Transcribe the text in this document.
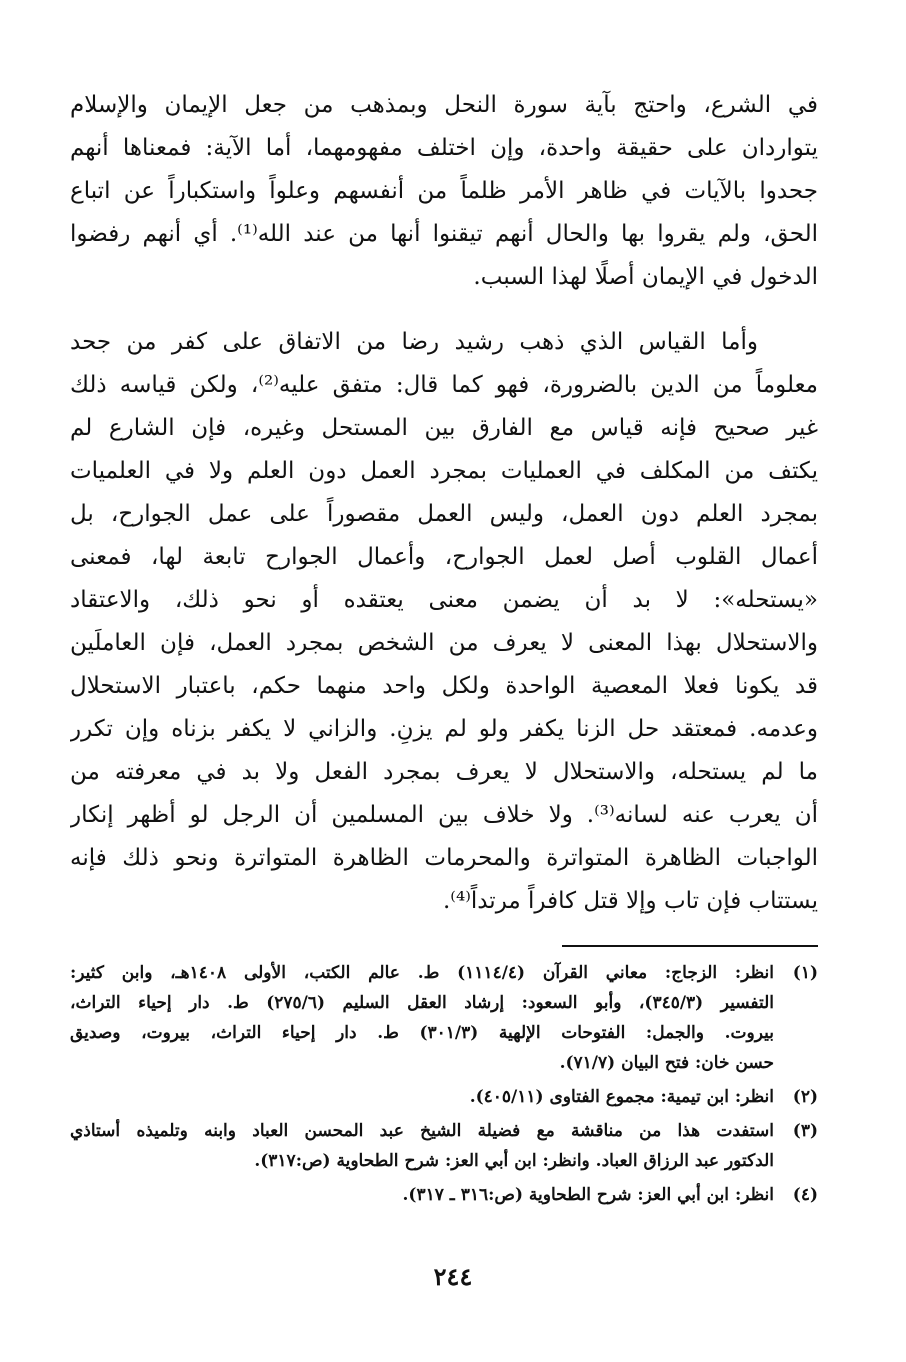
في الشرع، واحتج بآية سورة النحل وبمذهب من جعل الإيمان والإسلام
يتواردان على حقيقة واحدة، وإن اختلف مفهومهما، أما الآية: فمعناها أنهم
جحدوا بالآيات في ظاهر الأمر ظلماً من أنفسهم وعلواً واستكباراً عن اتباع
الحق، ولم يقروا بها والحال أنهم تيقنوا أنها من عند الله⁽¹⁾. أي أنهم رفضوا
الدخول في الإيمان أصلًا لهذا السبب.
وأما القياس الذي ذهب رشيد رضا من الاتفاق على كفر من جحد
معلوماً من الدين بالضرورة، فهو كما قال: متفق عليه⁽²⁾، ولكن قياسه ذلك
غير صحيح فإنه قياس مع الفارق بين المستحل وغيره، فإن الشارع لم
يكتف من المكلف في العمليات بمجرد العمل دون العلم ولا في العلميات
بمجرد العلم دون العمل، وليس العمل مقصوراً على عمل الجوارح، بل
أعمال القلوب أصل لعمل الجوارح، وأعمال الجوارح تابعة لها، فمعنى
«يستحله»: لا بد أن يضمن معنى يعتقده أو نحو ذلك، والاعتقاد
والاستحلال بهذا المعنى لا يعرف من الشخص بمجرد العمل، فإن العاملَين
قد يكونا فعلا المعصية الواحدة ولكل واحد منهما حكم، باعتبار الاستحلال
وعدمه. فمعتقد حل الزنا يكفر ولو لم يزنِ. والزاني لا يكفر بزناه وإن تكرر
ما لم يستحله، والاستحلال لا يعرف بمجرد الفعل ولا بد في معرفته من
أن يعرب عنه لسانه⁽³⁾. ولا خلاف بين المسلمين أن الرجل لو أظهر إنكار
الواجبات الظاهرة المتواترة والمحرمات الظاهرة المتواترة ونحو ذلك فإنه
يستتاب فإن تاب وإلا قتل كافراً مرتداً⁽⁴⁾.
(١)
انظر: الزجاج: معاني القرآن (١١١٤/٤) ط. عالم الكتب، الأولى ١٤٠٨هـ، وابن كثير:
التفسير (٣٤٥/٣)، وأبو السعود: إرشاد العقل السليم (٢٧٥/٦) ط. دار إحياء التراث،
بيروت. والجمل: الفتوحات الإلهية (٣٠١/٣) ط. دار إحياء التراث، بيروت، وصديق
حسن خان: فتح البيان (٧١/٧).
(٢)
انظر: ابن تيمية: مجموع الفتاوى (٤٠٥/١١).
(٣)
استفدت هذا من مناقشة مع فضيلة الشيخ عبد المحسن العباد وابنه وتلميذه أستاذي
الدكتور عبد الرزاق العباد. وانظر: ابن أبي العز: شرح الطحاوية (ص:٣١٧).
(٤)
انظر: ابن أبي العز: شرح الطحاوية (ص:٣١٦ ـ ٣١٧).
٢٤٤
